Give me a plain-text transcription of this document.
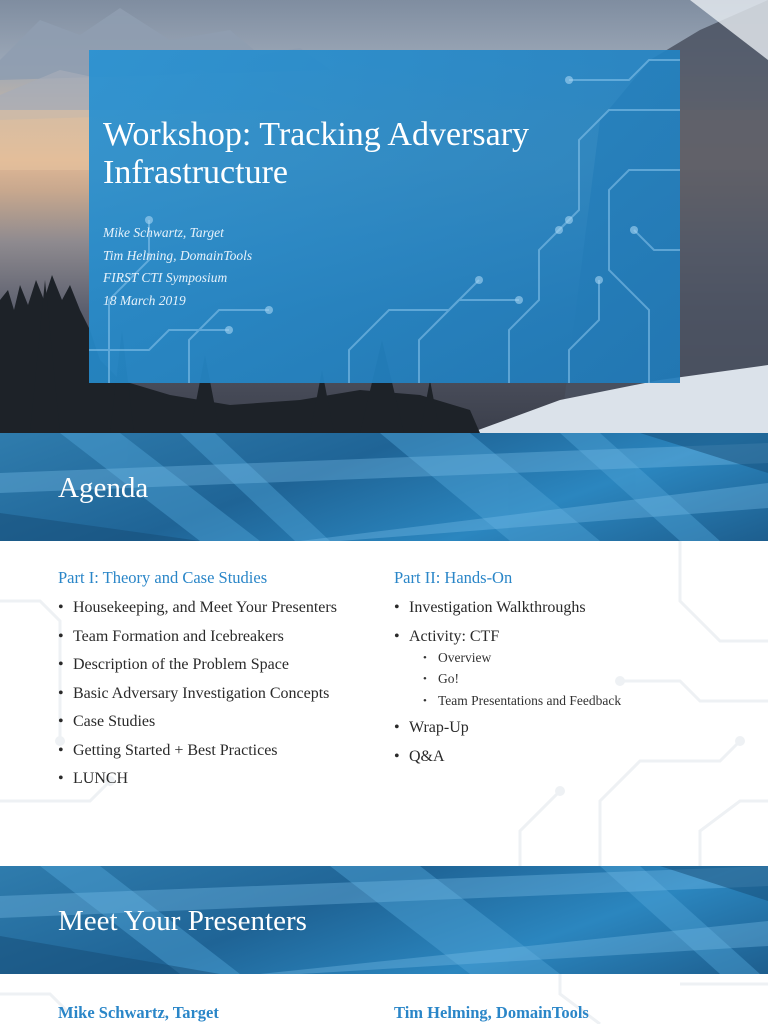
Workshop: Tracking Adversary Infrastructure
Mike Schwartz, Target
Tim Helming, DomainTools
FIRST CTI Symposium
18 March 2019
Agenda
Part I: Theory and Case Studies
• Housekeeping, and Meet Your Presenters
• Team Formation and Icebreakers
• Description of the Problem Space
• Basic Adversary Investigation Concepts
• Case Studies
• Getting Started + Best Practices
• LUNCH
Part II: Hands-On
• Investigation Walkthroughs
• Activity: CTF
• Overview
• Go!
• Team Presentations and Feedback
• Wrap-Up
• Q&A
Meet Your Presenters
Mike Schwartz, Target	Tim Helming, DomainTools
